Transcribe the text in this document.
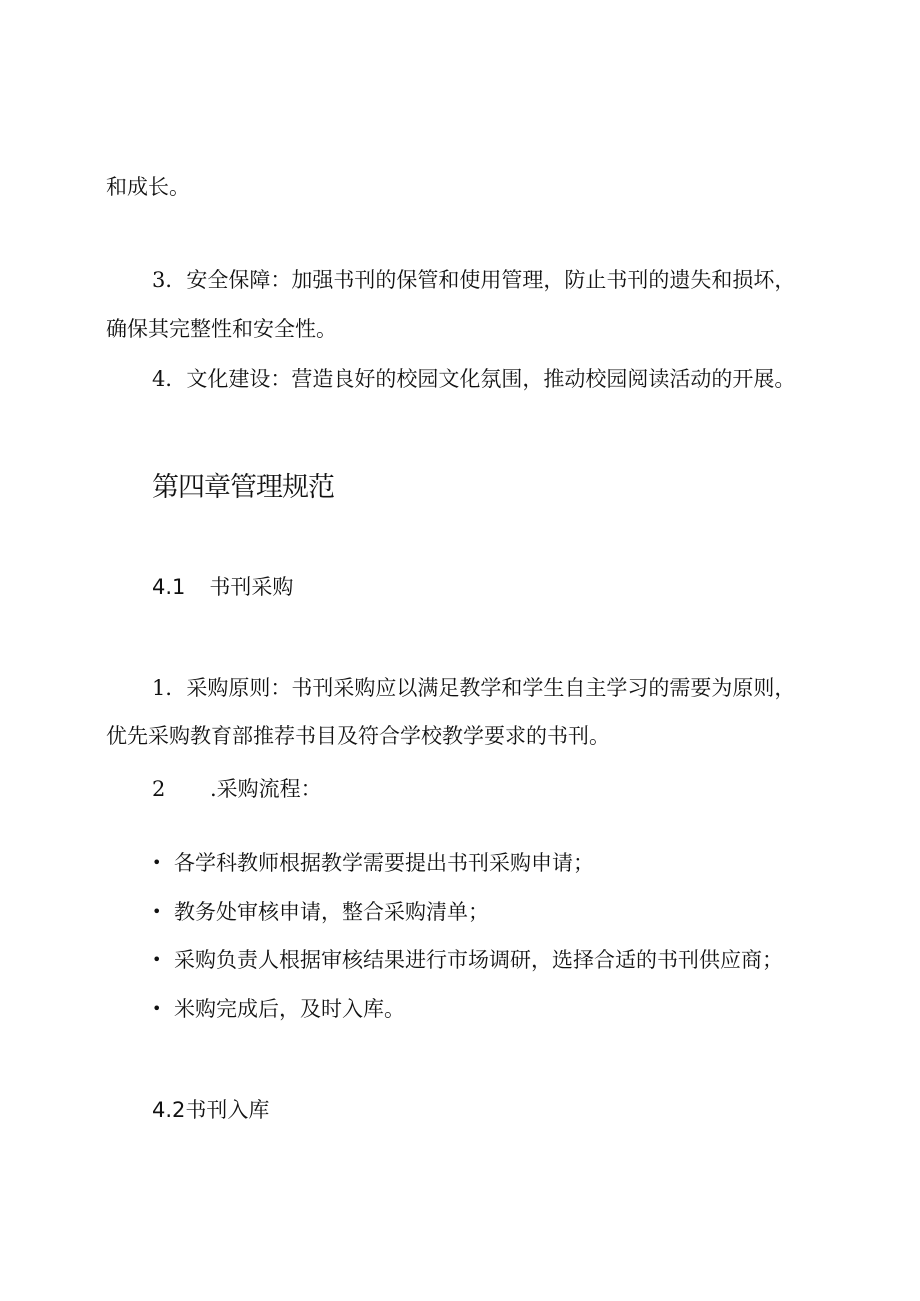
和成长。
3．安全保障：加强书刊的保管和使用管理，防止书刊的遗失和损坏，
确保其完整性和安全性。
4．文化建设：营造良好的校园文化氛围，推动校园阅读活动的开展。
第四章管理规范
4.1 书刊采购
1．采购原则：书刊采购应以满足教学和学生自主学习的需要为原则，
优先采购教育部推荐书目及符合学校教学要求的书刊。
2 .采购流程：
• 各学科教师根据教学需要提出书刊采购申请；
• 教务处审核申请，整合采购清单；
• 采购负责人根据审核结果进行市场调研，选择合适的书刊供应商；
• 米购完成后，及时入库。
4.2书刊入库
